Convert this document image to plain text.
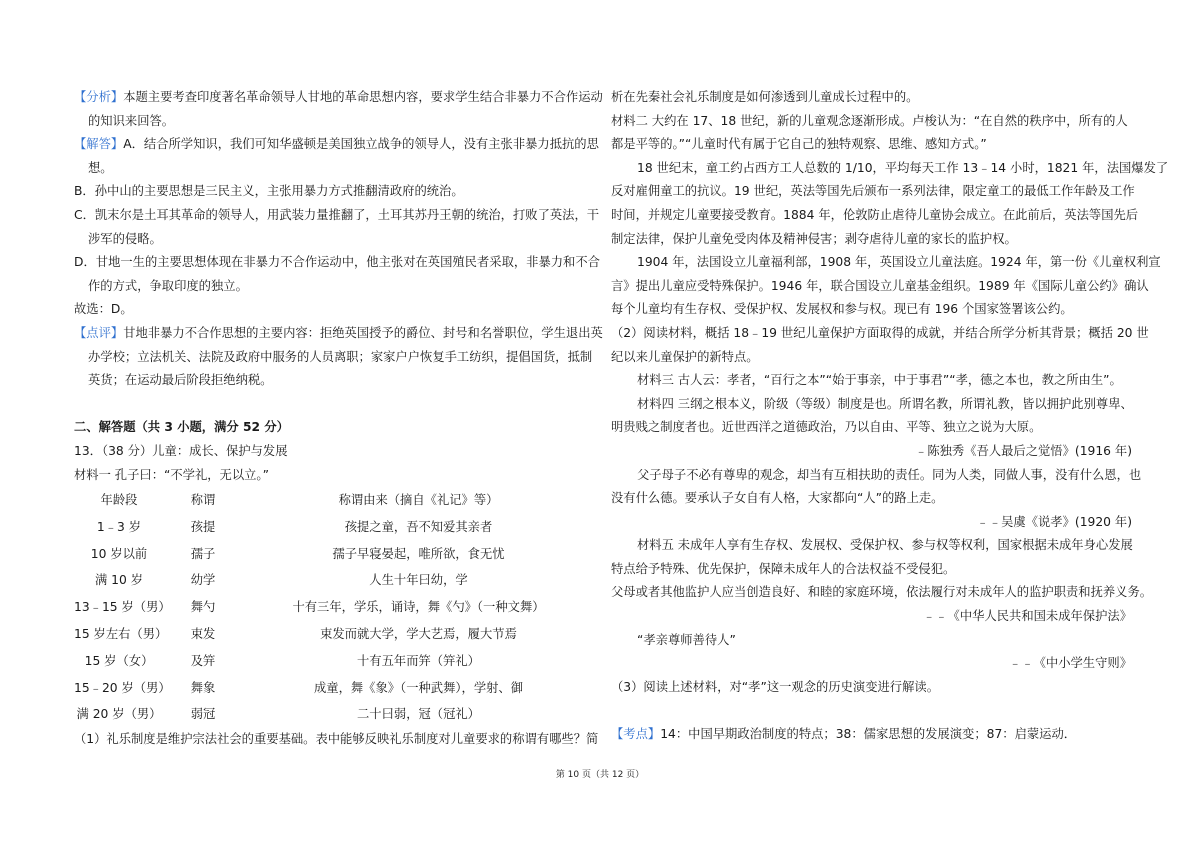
【分析】本题主要考查印度著名革命领导人甘地的革命思想内容，要求学生结合非暴力不合作运动
的知识来回答。
【解答】A．结合所学知识，我们可知华盛顿是美国独立战争的领导人，没有主张非暴力抵抗的思
想。
B．孙中山的主要思想是三民主义，主张用暴力方式推翻清政府的统治。
C．凯末尔是土耳其革命的领导人，用武装力量推翻了，土耳其苏丹王朝的统治，打败了英法，干
涉军的侵略。
D．甘地一生的主要思想体现在非暴力不合作运动中，他主张对在英国殖民者采取，非暴力和不合
作的方式，争取印度的独立。
故选：D。
【点评】甘地非暴力不合作思想的主要内容：拒绝英国授予的爵位、封号和名誉职位，学生退出英
办学校；立法机关、法院及政府中服务的人员离职；家家户户恢复手工纺织，提倡国货，抵制
英货；在运动最后阶段拒绝纳税。
二、解答题（共 3 小题，满分 52 分）
13．（38 分）儿童：成长、保护与发展
材料一 孔子曰：“不学礼，无以立。”
年龄段	称谓	称谓由来（摘自《礼记》等）
1﹣3 岁	孩提	孩提之童，吾不知爱其亲者
10 岁以前	孺子	孺子早寝晏起，唯所欲，食无忧
满 10 岁	幼学	人生十年曰幼，学
13﹣15 岁（男）	舞勺	十有三年，学乐，诵诗，舞《勺》（一种文舞）
15 岁左右（男）	束发	束发而就大学，学大艺焉，履大节焉
15 岁（女）	及笄	十有五年而笄（笄礼）
15﹣20 岁（男）	舞象	成童，舞《象》（一种武舞），学射、御
满 20 岁（男）	弱冠	二十曰弱，冠（冠礼）
（1）礼乐制度是维护宗法社会的重要基础。表中能够反映礼乐制度对儿童要求的称谓有哪些？简
析在先秦社会礼乐制度是如何渗透到儿童成长过程中的。
材料二 大约在 17、18 世纪，新的儿童观念逐渐形成。卢梭认为：“在自然的秩序中，所有的人
都是平等的。”“儿童时代有属于它自己的独特观察、思维、感知方式。”
18 世纪末，童工约占西方工人总数的 1/10，平均每天工作 13﹣14 小时，1821 年，法国爆发了
反对雇佣童工的抗议。19 世纪，英法等国先后颁布一系列法律，限定童工的最低工作年龄及工作
时间，并规定儿童要接受教育。1884 年，伦敦防止虐待儿童协会成立。在此前后，英法等国先后
制定法律，保护儿童免受肉体及精神侵害；剥夺虐待儿童的家长的监护权。
1904 年，法国设立儿童福利部，1908 年，英国设立儿童法庭。1924 年，第一份《儿童权利宣
言》提出儿童应受特殊保护。1946 年，联合国设立儿童基金组织。1989 年《国际儿童公约》确认
每个儿童均有生存权、受保护权、发展权和参与权。现已有 196 个国家签署该公约。
（2）阅读材料，概括 18﹣19 世纪儿童保护方面取得的成就，并结合所学分析其背景；概括 20 世
纪以来儿童保护的新特点。
材料三 古人云：孝者，“百行之本”“始于事亲，中于事君”“孝，德之本也，教之所由生”。
材料四 三纲之根本义，阶级（等级）制度是也。所谓名教，所谓礼教，皆以拥护此别尊卑、
明贵贱之制度者也。近世西洋之道德政治，乃以自由、平等、独立之说为大原。
﹣陈独秀《吾人最后之觉悟》(1916 年)
父子母子不必有尊卑的观念，却当有互相扶助的责任。同为人类，同做人事，没有什么恩，也
没有什么德。要承认子女自有人格，大家都向“人”的路上走。
﹣﹣吴虞《说孝》(1920 年)
材料五 未成年人享有生存权、发展权、受保护权、参与权等权利，国家根据未成年身心发展
特点给予特殊、优先保护，保障未成年人的合法权益不受侵犯。
父母或者其他监护人应当创造良好、和睦的家庭环境，依法履行对未成年人的监护职责和抚养义务。
﹣﹣《中华人民共和国未成年保护法》
“孝亲尊师善待人”
﹣﹣《中小学生守则》
（3）阅读上述材料，对“孝”这一观念的历史演变进行解读。
【考点】14：中国早期政治制度的特点；38：儒家思想的发展演变；87：启蒙运动．
第 10 页（共 12 页）
